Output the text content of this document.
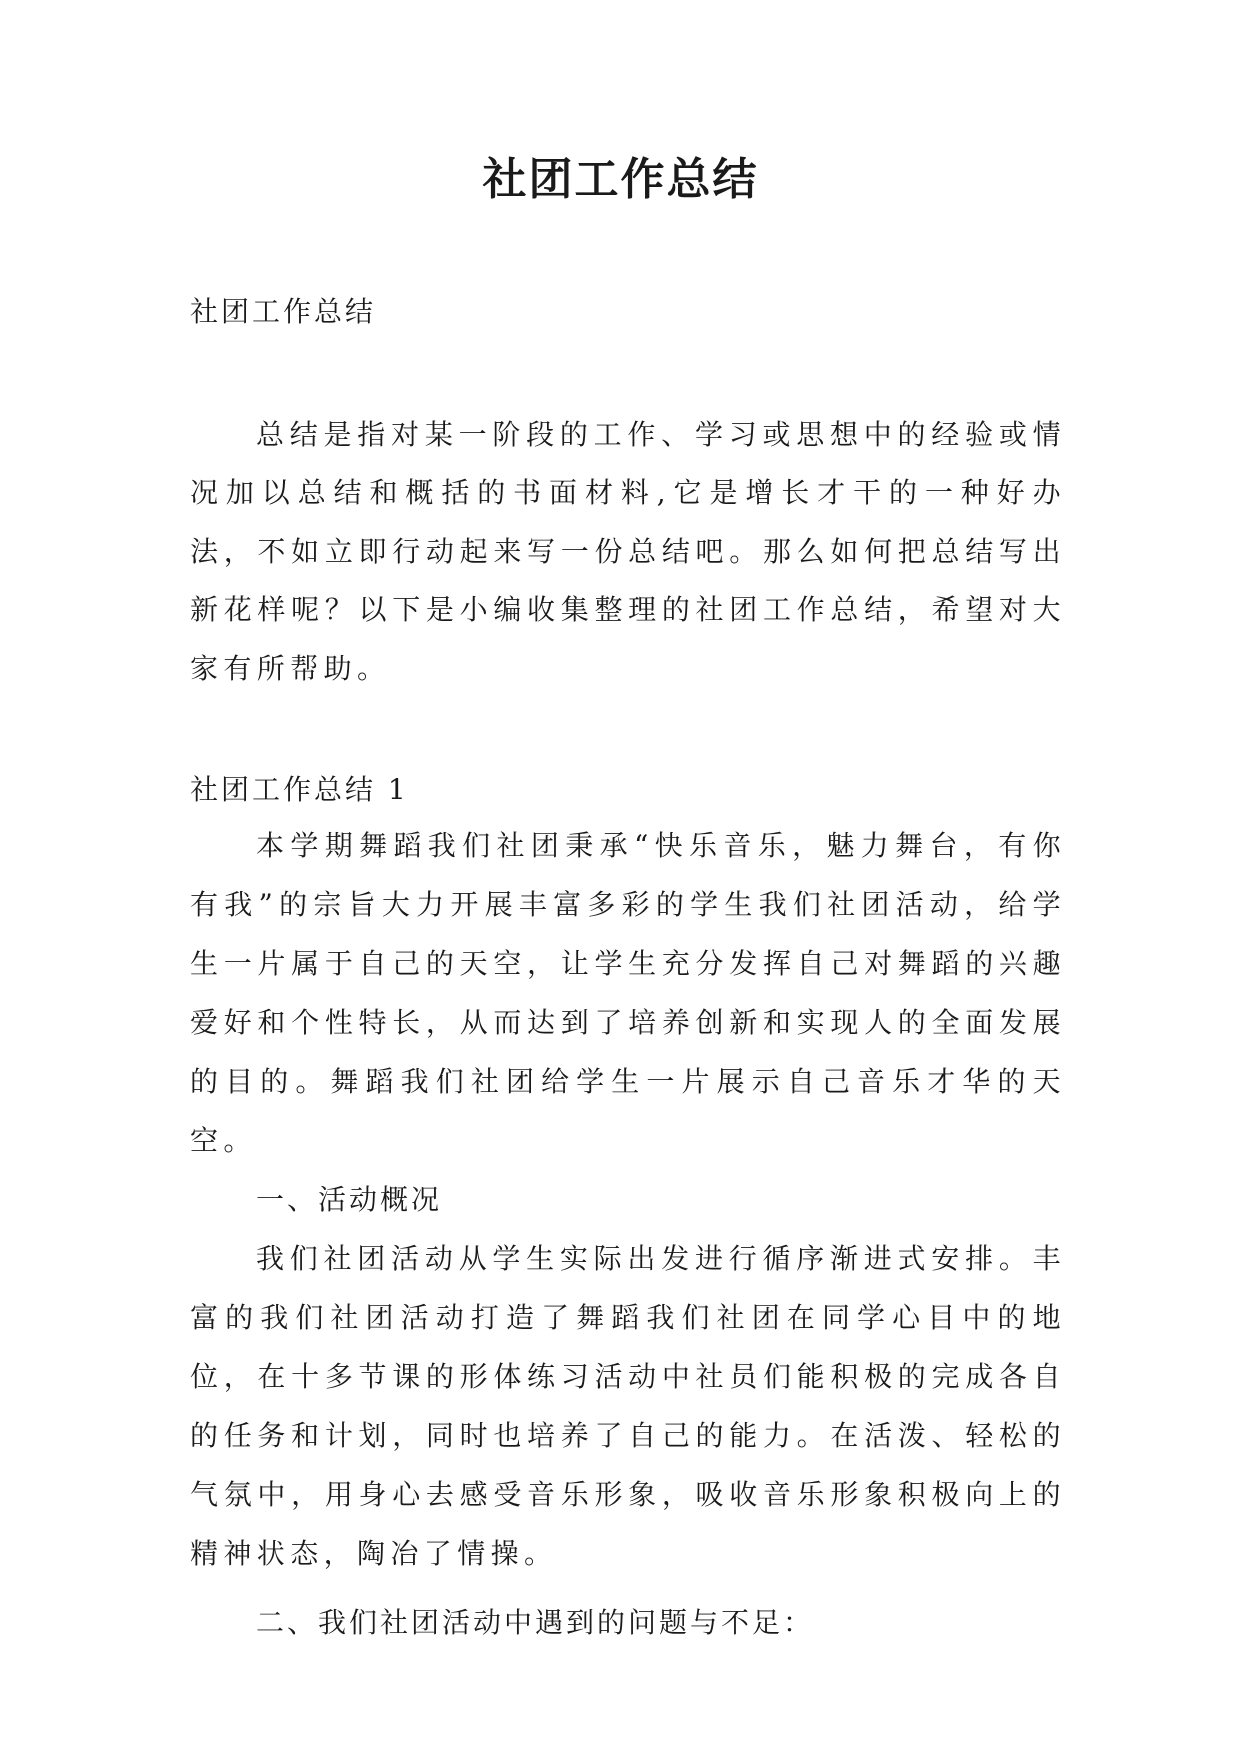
社团工作总结

社团工作总结

总结是指对某一阶段的工作、学习或思想中的经验或情况加以总结和概括的书面材料,它是增长才干的一种好办法，不如立即行动起来写一份总结吧。那么如何把总结写出新花样呢？以下是小编收集整理的社团工作总结，希望对大家有所帮助。

社团工作总结 1

本学期舞蹈我们社团秉承“快乐音乐，魅力舞台，有你有我”的宗旨大力开展丰富多彩的学生我们社团活动，给学生一片属于自己的天空，让学生充分发挥自己对舞蹈的兴趣爱好和个性特长，从而达到了培养创新和实现人的全面发展的目的。舞蹈我们社团给学生一片展示自己音乐才华的天空。

一、活动概况

我们社团活动从学生实际出发进行循序渐进式安排。丰富的我们社团活动打造了舞蹈我们社团在同学心目中的地位，在十多节课的形体练习活动中社员们能积极的完成各自的任务和计划，同时也培养了自己的能力。在活泼、轻松的气氛中，用身心去感受音乐形象，吸收音乐形象积极向上的精神状态，陶冶了情操。

二、我们社团活动中遇到的问题与不足：
